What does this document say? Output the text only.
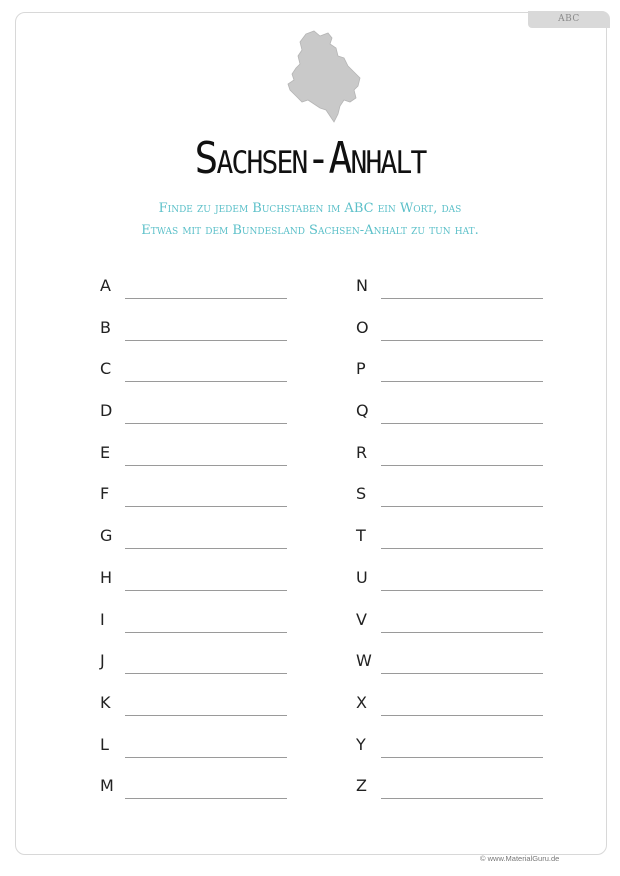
ABC
Sachsen-Anhalt
Finde zu jedem Buchstaben im ABC ein Wort, das
Etwas mit dem Bundesland Sachsen-Anhalt zu tun hat.
A
B
C
D
E
F
G
H
I
J
K
L
M
N
O
P
Q
R
S
T
U
V
W
X
Y
Z
© www.MaterialGuru.de
